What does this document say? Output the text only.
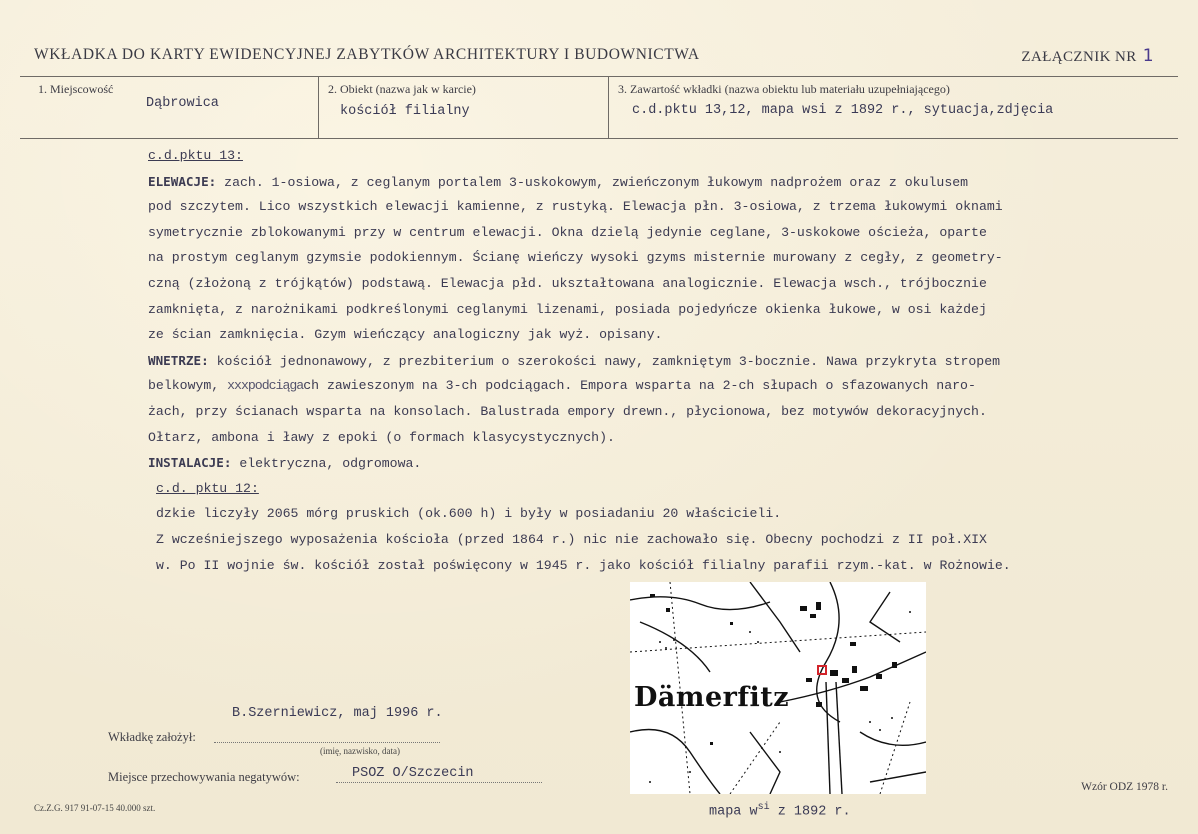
WKŁADKA DO KARTY EWIDENCYJNEJ ZABYTKÓW ARCHITEKTURY I BUDOWNICTWA	ZAŁĄCZNIK NR 1
1. Miejscowość
Dąbrowica
2. Obiekt (nazwa jak w karcie)
kościół filialny
3. Zawartość wkładki (nazwa obiektu lub materiału uzupełniającego)
c.d.pktu 13,12, mapa wsi z 1892 r., sytuacja,zdjęcia
c.d.pktu 13:
ELEWACJE: zach. 1-osiowa, z ceglanym portalem 3-uskokowym, zwieńczonym łukowym nadprożem oraz z okulusem
pod szczytem. Lico wszystkich elewacji kamienne, z rustyką. Elewacja płn. 3-osiowa, z trzema łukowymi oknami
symetrycznie zblokowanymi przy w centrum elewacji. Okna dzielą jedynie ceglane, 3-uskokowe ościeża, oparte
na prostym ceglanym gzymsie podokiennym. Ścianę wieńczy wysoki gzyms misternie murowany z cegły, z geometry-
czną (złożoną z trójkątów) podstawą. Elewacja płd. ukształtowana analogicznie. Elewacja wsch., trójbocznie
zamknięta, z narożnikami podkreślonymi ceglanymi lizenami, posiada pojedyńcze okienka łukowe, w osi każdej
ze ścian zamknięcia. Gzym wieńczący analogiczny jak wyż. opisany.
WNETRZE: kościół jednonawowy, z prezbiterium o szerokości nawy, zamkniętym 3-bocznie. Nawa przykryta stropem
belkowym, xxxpodciągach zawieszonym na 3-ch podciągach. Empora wsparta na 2-ch słupach o sfazowanych naro-
żach, przy ścianach wsparta na konsolach. Balustrada empory drewn., płycionowa, bez motywów dekoracyjnych.
Ołtarz, ambona i ławy z epoki (o formach klasycystycznych).
INSTALACJE: elektryczna, odgromowa.
c.d. pktu 12:
dzkie liczyły 2065 mórg pruskich (ok.600 h) i były w posiadaniu 20 właścicieli.
Z wcześniejszego wyposażenia kościoła (przed 1864 r.) nic nie zachowało się. Obecny pochodzi z II poł.XIX
w. Po II wojnie św. kościół został poświęcony w 1945 r. jako kościół filialny parafii rzym.-kat. w Rożnowie.
B.Szerniewicz, maj 1996 r.
Wkładkę założył:
(imię, nazwisko, data)
Miejsce przechowywania negatywów:	PSOZ O/Szczecin
Cz.Z.G. 917 91-07-15 40.000 szt.
Wzór ODZ 1978 r.
Dämerfitz
mapa $w^{si}$ z 1892 r.
